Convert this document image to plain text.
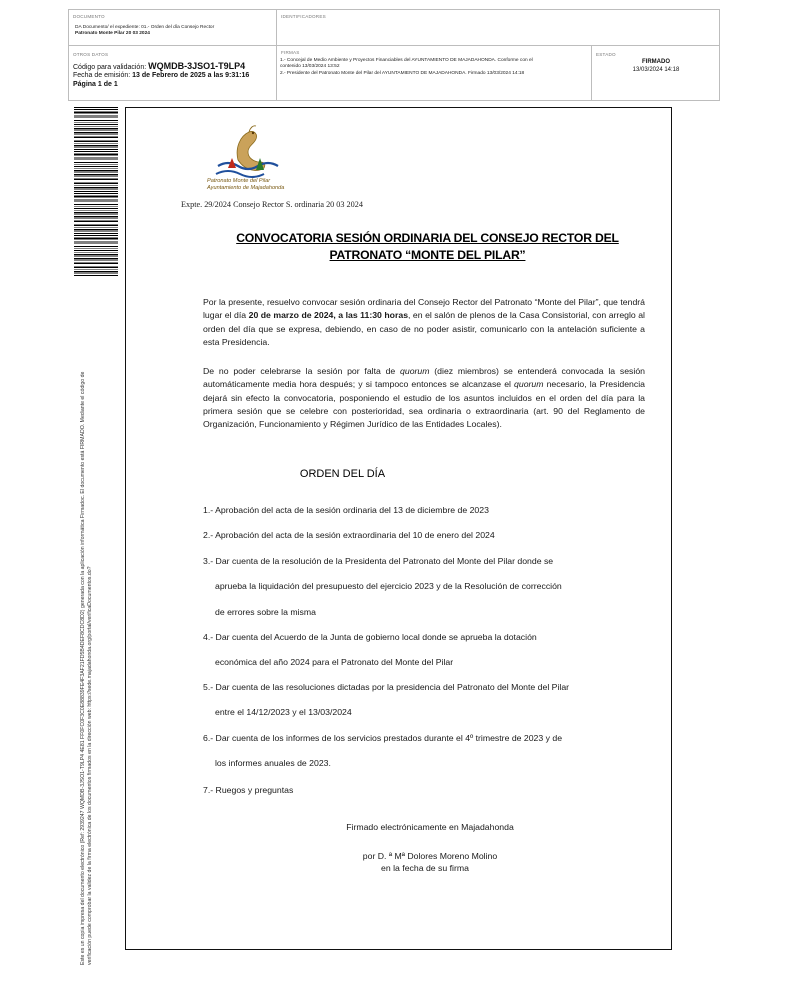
DOCUMENTO
DA Documento/ el expediente: 01.- Orden del día Consejo Rector
Patronato Monte Pilar 20 03 2024
IDENTIFICADORES
OTROS DATOS
Código para validación: WQMDB-3JSO1-T9LP4
Fecha de emisión: 13 de Febrero de 2025 a las 9:31:16
Página 1 de 1
FIRMAS
1.- Concejal de Medio Ambiente y Proyectos Financiables del AYUNTAMIENTO DE MAJADAHONDA. Conforme con el
contenido 13/03/2024 13:52
2.- Presidente del Patronato Monte del Pilar del AYUNTAMIENTO DE MAJADAHONDA. Firmado 13/03/2024 14:18
ESTADO
FIRMADO
13/03/2024 14:18
Este es un copia impresa del documento electrónico (Ref: 2939247 WQMDB-3JSO1-T9LP4 4E81 FF0FC0F3C0E88839FE4F3AF21FD5B4DEF8CDC8D2) generada con la aplicación informática Firmadoc. El documento está FIRMADO. Mediante el código de verificación puede comprobar la validez de la firma electrónica de los documentos firmados en la dirección web: https://sede.majadahonda.org/portal/verificaDocumentos.do?
Patronato Monte del Pilar
Ayuntamiento de Majadahonda
Expte. 29/2024 Consejo Rector S. ordinaria 20 03 2024
CONVOCATORIA SESIÓN ORDINARIA DEL CONSEJO RECTOR DEL
PATRONATO “MONTE DEL PILAR”
Por la presente, resuelvo convocar sesión ordinaria del Consejo Rector del Patronato “Monte del Pilar”, que tendrá lugar el día 20 de marzo de 2024, a las 11:30 horas, en el salón de plenos de la Casa Consistorial, con arreglo al orden del día que se expresa, debiendo, en caso de no poder asistir, comunicarlo con la antelación suficiente a esta Presidencia.
De no poder celebrarse la sesión por falta de quorum (diez miembros) se entenderá convocada la sesión automáticamente media hora después; y si tampoco entonces se alcanzase el quorum necesario, la Presidencia dejará sin efecto la convocatoria, posponiendo el estudio de los asuntos incluidos en el orden del día para la primera sesión que se celebre con posterioridad, sea ordinaria o extraordinaria (art. 90 del Reglamento de Organización, Funcionamiento y Régimen Jurídico de las Entidades Locales).
ORDEN DEL DÍA
1.- Aprobación del acta de la sesión ordinaria del 13 de diciembre de 2023
2.- Aprobación del acta de la sesión extraordinaria del 10 de enero del 2024
3.- Dar cuenta de la resolución de la Presidenta del Patronato del Monte del Pilar donde se
aprueba la liquidación del presupuesto del ejercicio 2023 y de la Resolución de corrección
de errores sobre la misma
4.- Dar cuenta del Acuerdo de la Junta de gobierno local donde se aprueba la dotación
económica del año 2024 para el Patronato del Monte del Pilar
5.- Dar cuenta de las resoluciones dictadas por la presidencia del Patronato del Monte del Pilar
entre el 14/12/2023 y el 13/03/2024
6.- Dar cuenta de los informes de los servicios prestados durante el 4º trimestre de 2023 y de
los informes anuales de 2023.
7.- Ruegos y preguntas
Firmado electrónicamente en Majadahonda
por D. ª Mª Dolores Moreno Molino
en la fecha de su firma
